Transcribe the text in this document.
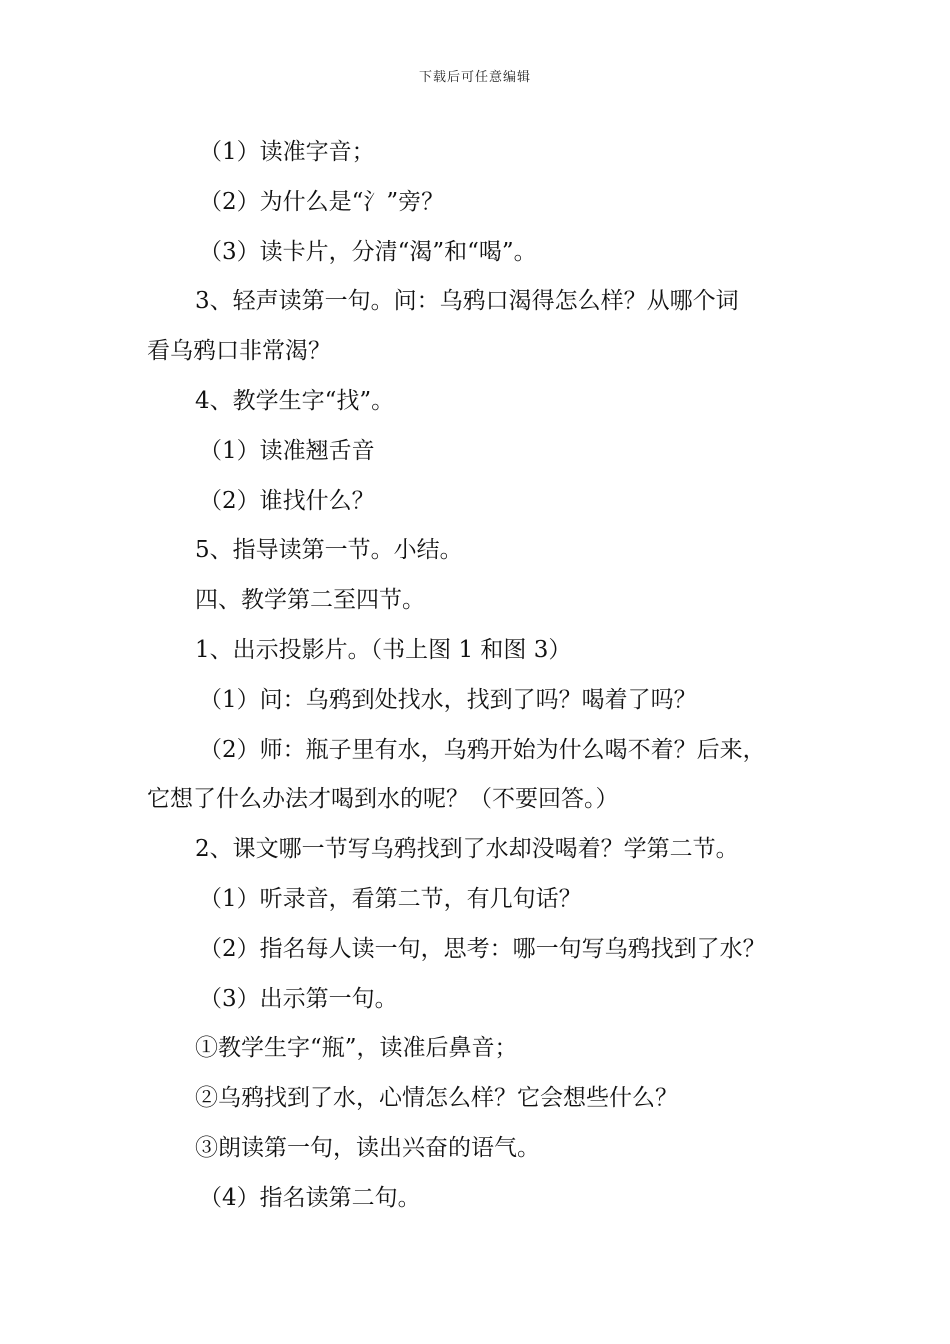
下载后可任意编辑
（1）读准字音；
（2）为什么是“氵”旁？
（3）读卡片，分清“渴”和“喝”。
3、轻声读第一句。问：乌鸦口渴得怎么样？从哪个词
看乌鸦口非常渴？
4、教学生字“找”。
（1）读准翘舌音
（2）谁找什么？
5、指导读第一节。小结。
四、教学第二至四节。
1、出示投影片。（书上图 1 和图 3）
（1）问：乌鸦到处找水，找到了吗？喝着了吗？
（2）师：瓶子里有水，乌鸦开始为什么喝不着？后来，
它想了什么办法才喝到水的呢？（不要回答。）
2、课文哪一节写乌鸦找到了水却没喝着？学第二节。
（1）听录音，看第二节，有几句话？
（2）指名每人读一句，思考：哪一句写乌鸦找到了水？
（3）出示第一句。
①教学生字“瓶”，读准后鼻音；
②乌鸦找到了水，心情怎么样？它会想些什么？
③朗读第一句，读出兴奋的语气。
（4）指名读第二句。
